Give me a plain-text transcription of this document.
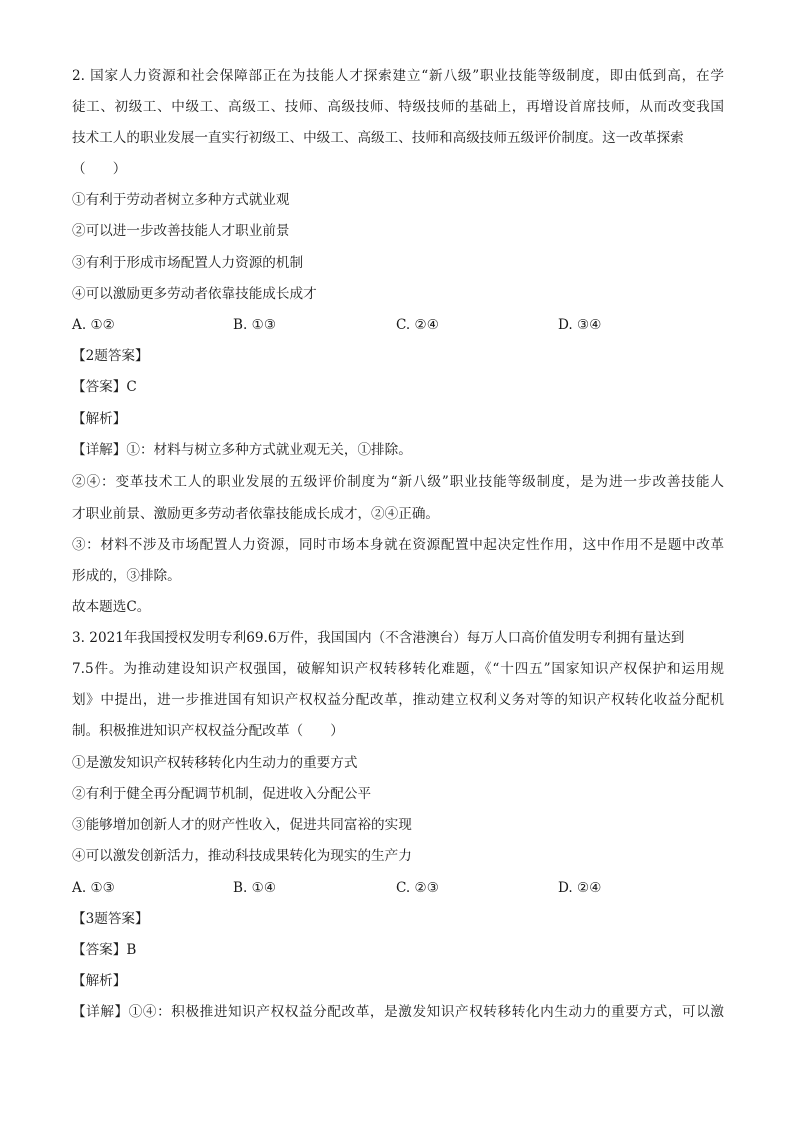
2. 国家人力资源和社会保障部正在为技能人才探索建立“新八级”职业技能等级制度，即由低到高，在学
徒工、初级工、中级工、高级工、技师、高级技师、特级技师的基础上，再增设首席技师，从而改变我国
技术工人的职业发展一直实行初级工、中级工、高级工、技师和高级技师五级评价制度。这一改革探索
（　　）
①有利于劳动者树立多种方式就业观
②可以进一步改善技能人才职业前景
③有利于形成市场配置人力资源的机制
④可以激励更多劳动者依靠技能成长成才
A. ①②	B. ①③	C. ②④	D. ③④
【2题答案】
【答案】C
【解析】
【详解】①：材料与树立多种方式就业观无关，①排除。
②④：变革技术工人的职业发展的五级评价制度为“新八级”职业技能等级制度，是为进一步改善技能人
才职业前景、激励更多劳动者依靠技能成长成才，②④正确。
③：材料不涉及市场配置人力资源，同时市场本身就在资源配置中起决定性作用，这中作用不是题中改革
形成的，③排除。
故本题选C。
3. 2021年我国授权发明专利69.6万件，我国国内（不含港澳台）每万人口高价值发明专利拥有量达到
7.5件。为推动建设知识产权强国，破解知识产权转移转化难题，《“十四五”国家知识产权保护和运用规
划》中提出，进一步推进国有知识产权权益分配改革，推动建立权利义务对等的知识产权转化收益分配机
制。积极推进知识产权权益分配改革（　　）
①是激发知识产权转移转化内生动力的重要方式
②有利于健全再分配调节机制，促进收入分配公平
③能够增加创新人才的财产性收入，促进共同富裕的实现
④可以激发创新活力，推动科技成果转化为现实的生产力
A. ①③	B. ①④	C. ②③	D. ②④
【3题答案】
【答案】B
【解析】
【详解】①④：积极推进知识产权权益分配改革，是激发知识产权转移转化内生动力的重要方式，可以激
